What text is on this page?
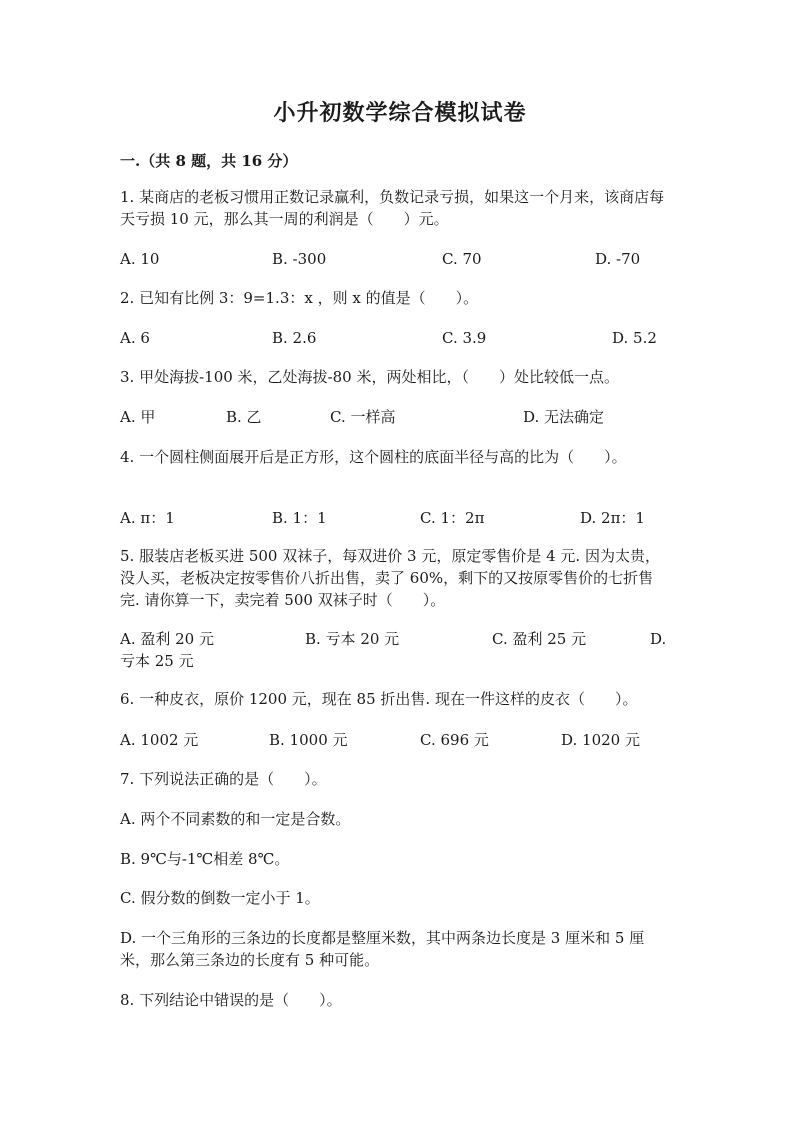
小升初数学综合模拟试卷
一.（共 8 题，共 16 分）
1. 某商店的老板习惯用正数记录赢利，负数记录亏损，如果这一个月来，该商店每天亏损 10 元，那么其一周的利润是（　　）元。
A. 10	B. -300	C. 70	D. -70
2. 已知有比例 3：9=1.3：x ，则 x 的值是（　　）。
A. 6	B. 2.6	C. 3.9	D. 5.2
3. 甲处海拔-100 米，乙处海拔-80 米，两处相比，（　　）处比较低一点。
A. 甲	B. 乙	C. 一样高	D. 无法确定
4. 一个圆柱侧面展开后是正方形，这个圆柱的底面半径与高的比为（　　）。
A. π：1	B. 1：1	C. 1：2π	D. 2π：1
5. 服装店老板买进 500 双袜子，每双进价 3 元，原定零售价是 4 元. 因为太贵，没人买，老板决定按零售价八折出售，卖了 60%，剩下的又按原零售价的七折售完. 请你算一下，卖完着 500 双袜子时（　　）。
A. 盈利 20 元	B. 亏本 20 元	C. 盈利 25 元	D.
亏本 25 元
6. 一种皮衣，原价 1200 元，现在 85 折出售. 现在一件这样的皮衣（　　）。
A. 1002 元	B. 1000 元	C. 696 元	D. 1020 元
7. 下列说法正确的是（　　）。
A. 两个不同素数的和一定是合数。
B. 9℃与-1℃相差 8℃。
C. 假分数的倒数一定小于 1。
D. 一个三角形的三条边的长度都是整厘米数，其中两条边长度是 3 厘米和 5 厘米，那么第三条边的长度有 5 种可能。
8. 下列结论中错误的是（　　）。
